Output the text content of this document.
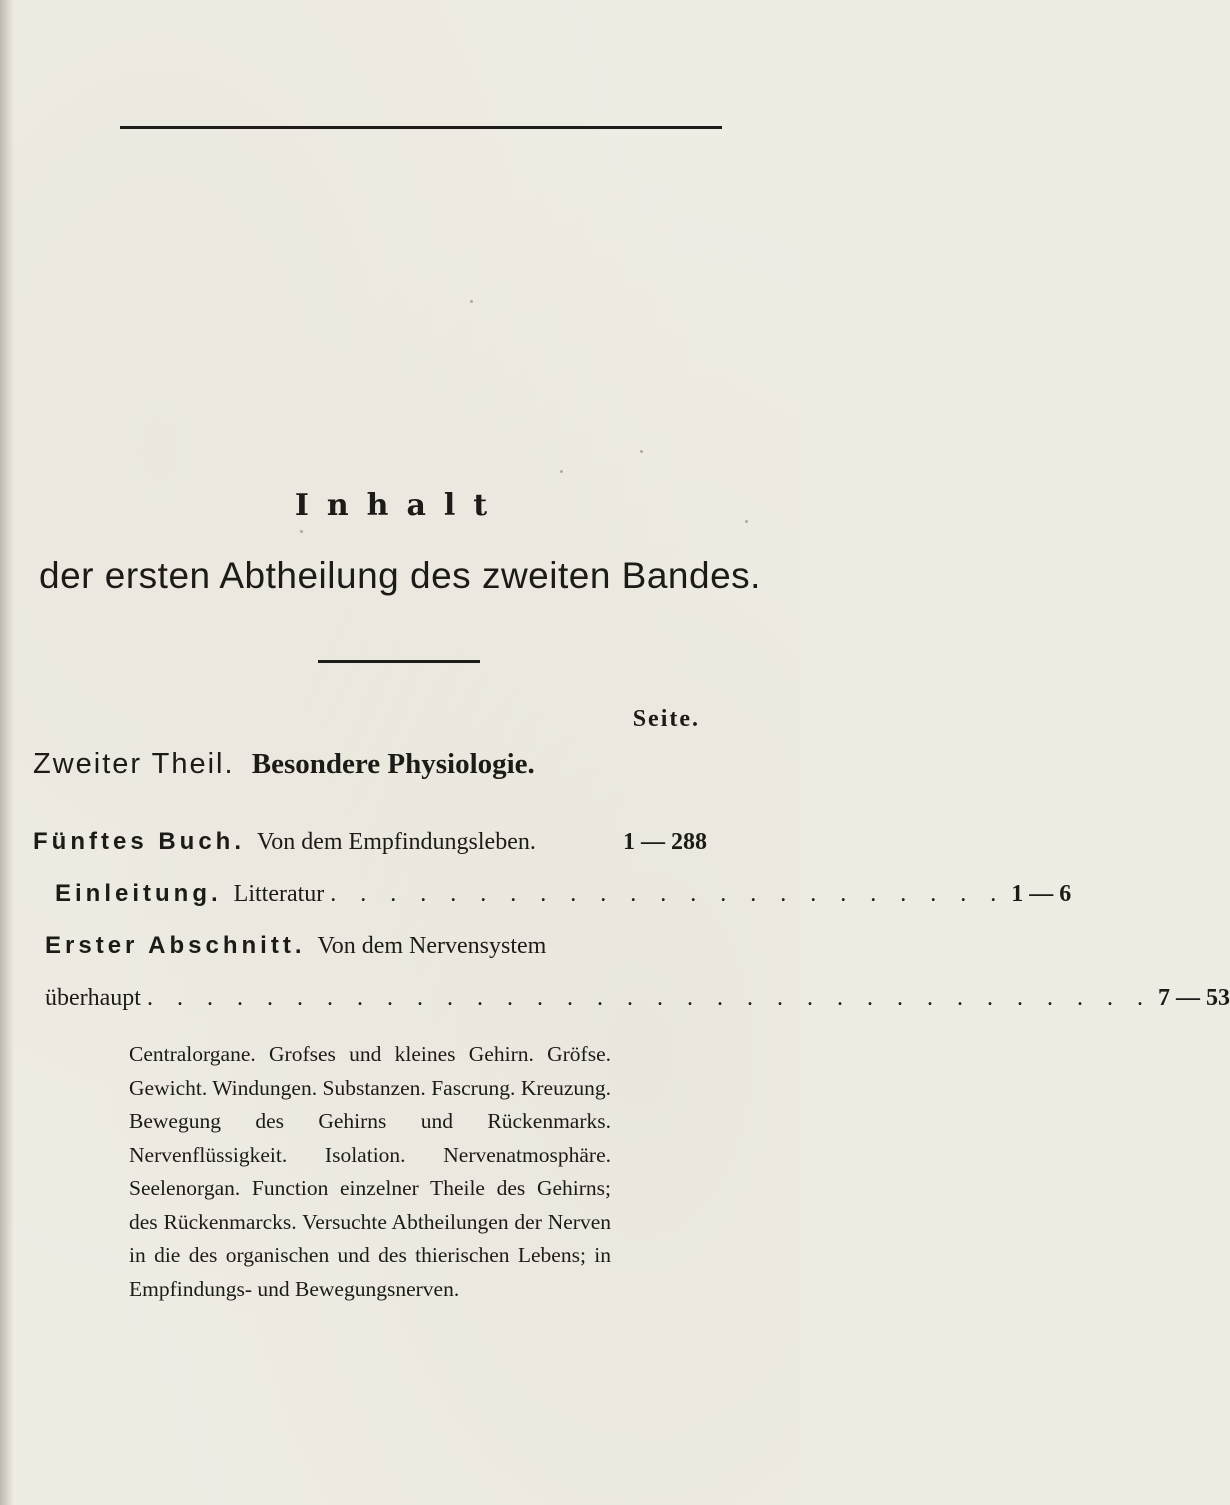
Inhalt
der ersten Abtheilung des zweiten Bandes.
Seite.
Zweiter Theil. Besondere Physiologie.
Fünftes Buch. Von dem Empfindungsleben.	1 — 288
Einleitung. Litteratur . . . . . . . . . . . . . . . . . . . . . . . 1 — 6
Erster Abschnitt. Von dem Nervensystem
überhaupt . . . . . . . . . . . . . . . . . . . . . . . . . . . . . . . . . . 7 — 53
Centralorgane. Grofses und kleines Gehirn. Gröfse. Gewicht. Windungen. Substanzen. Fascrung. Kreuzung. Bewegung des Gehirns und Rückenmarks. Nervenflüssigkeit. Isolation. Nervenatmosphäre. Seelenorgan. Function einzelner Theile des Gehirns; des Rückenmarcks. Versuchte Abtheilungen der Nerven in die des organischen und des thierischen Lebens; in Empfindungs- und Bewegungsnerven.
